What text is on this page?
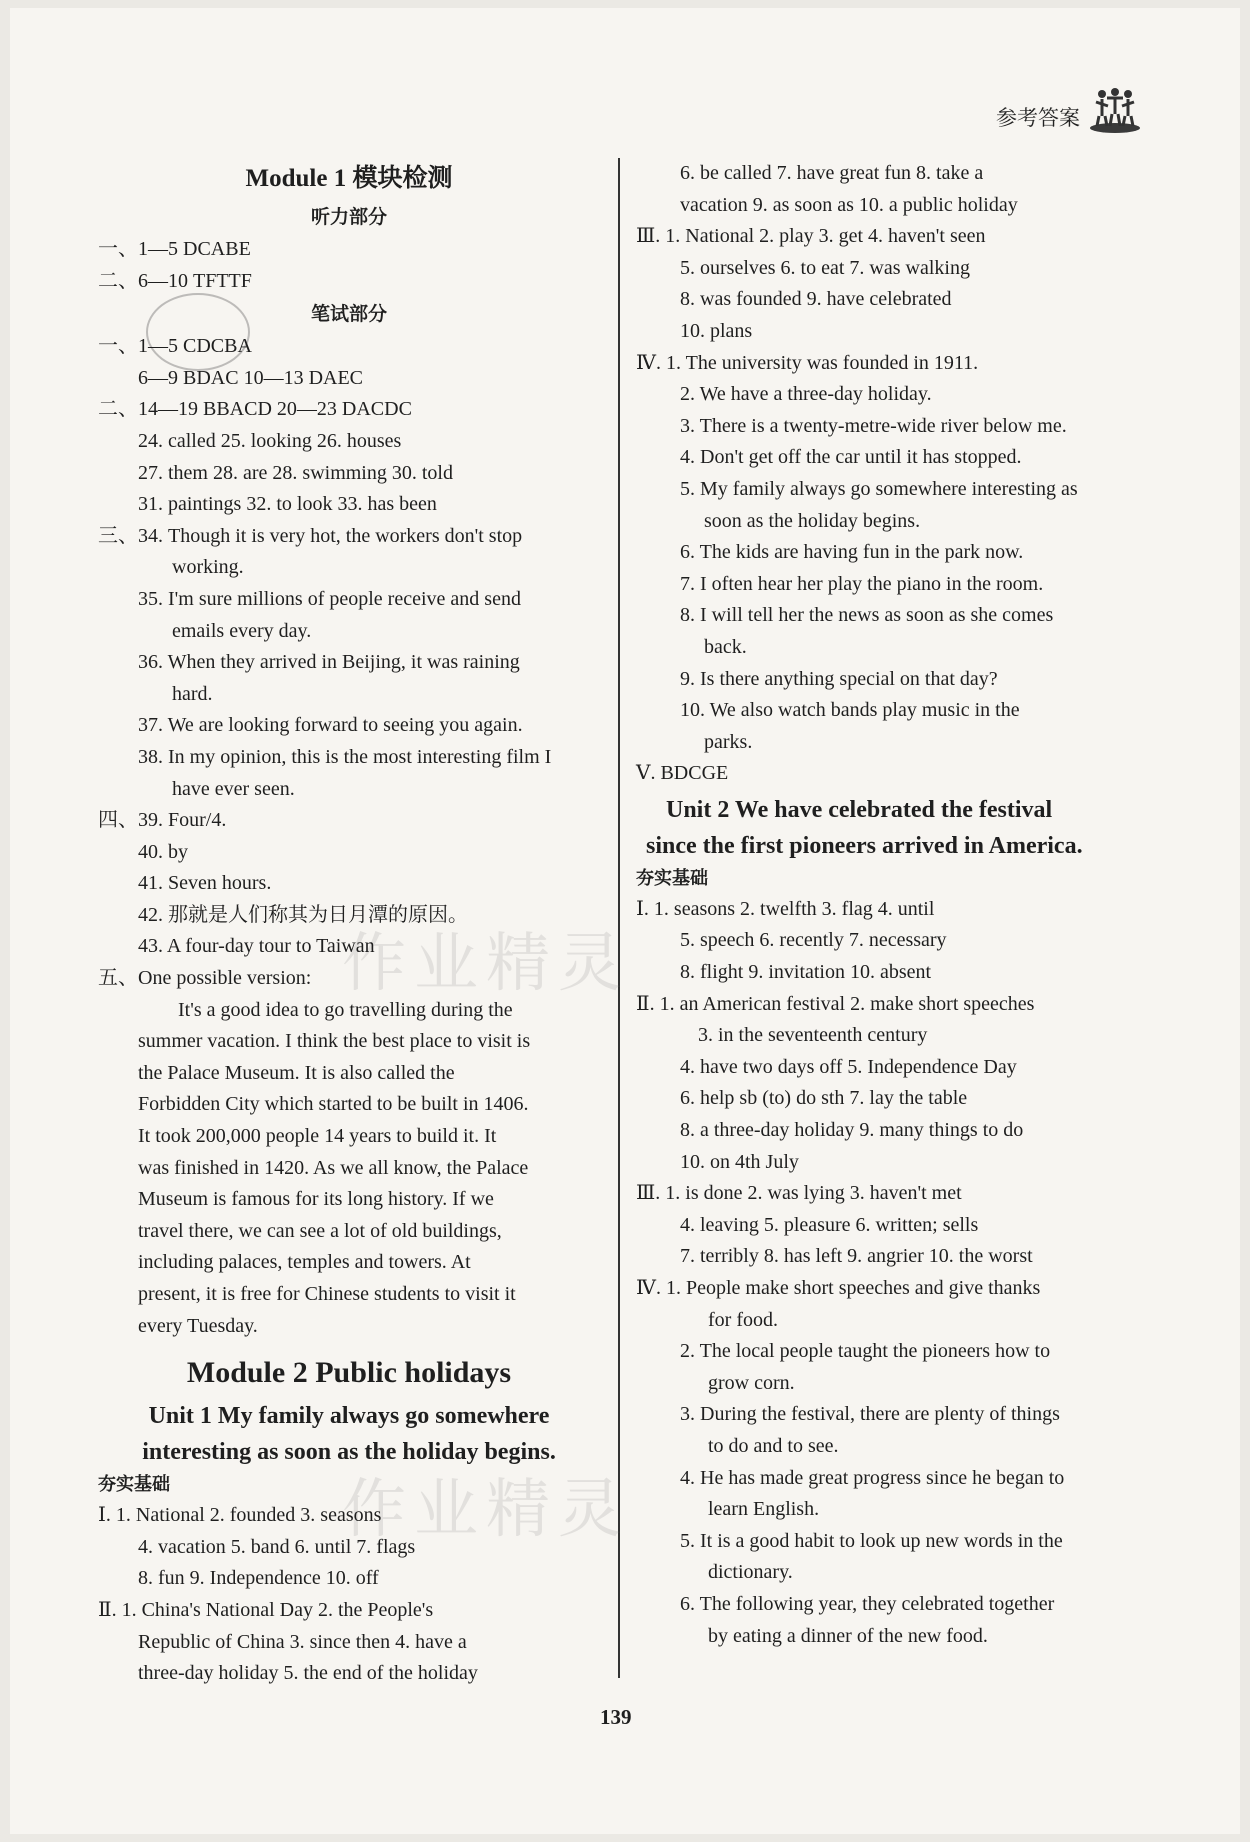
参考答案
作业精灵
作业精灵
Module 1 模块检测
听力部分
一、1—5 DCABE
二、6—10 TFTTF
笔试部分
一、1—5 CDCBA
6—9 BDAC 10—13 DAEC
二、14—19 BBACD 20—23 DACDC
24. called 25. looking 26. houses
27. them 28. are 28. swimming 30. told
31. paintings 32. to look 33. has been
三、34. Though it is very hot, the workers don't stop
working.
35. I'm sure millions of people receive and send
emails every day.
36. When they arrived in Beijing, it was raining
hard.
37. We are looking forward to seeing you again.
38. In my opinion, this is the most interesting film I
have ever seen.
四、39. Four/4.
40. by
41. Seven hours.
42. 那就是人们称其为日月潭的原因。
43. A four-day tour to Taiwan
五、One possible version:
It's a good idea to go travelling during the
summer vacation. I think the best place to visit is
the Palace Museum. It is also called the
Forbidden City which started to be built in 1406.
It took 200,000 people 14 years to build it. It
was finished in 1420. As we all know, the Palace
Museum is famous for its long history. If we
travel there, we can see a lot of old buildings,
including palaces, temples and towers. At
present, it is free for Chinese students to visit it
every Tuesday.
Module 2 Public holidays
Unit 1 My family always go somewhere
interesting as soon as the holiday begins.
夯实基础
Ⅰ. 1. National 2. founded 3. seasons
4. vacation 5. band 6. until 7. flags
8. fun 9. Independence 10. off
Ⅱ. 1. China's National Day 2. the People's
Republic of China 3. since then 4. have a
three-day holiday 5. the end of the holiday
6. be called 7. have great fun 8. take a
vacation 9. as soon as 10. a public holiday
Ⅲ. 1. National 2. play 3. get 4. haven't seen
5. ourselves 6. to eat 7. was walking
8. was founded 9. have celebrated
10. plans
Ⅳ. 1. The university was founded in 1911.
2. We have a three-day holiday.
3. There is a twenty-metre-wide river below me.
4. Don't get off the car until it has stopped.
5. My family always go somewhere interesting as
soon as the holiday begins.
6. The kids are having fun in the park now.
7. I often hear her play the piano in the room.
8. I will tell her the news as soon as she comes
back.
9. Is there anything special on that day?
10. We also watch bands play music in the
parks.
Ⅴ. BDCGE
Unit 2 We have celebrated the festival
since the first pioneers arrived in America.
夯实基础
Ⅰ. 1. seasons 2. twelfth 3. flag 4. until
5. speech 6. recently 7. necessary
8. flight 9. invitation 10. absent
Ⅱ. 1. an American festival 2. make short speeches
3. in the seventeenth century
4. have two days off 5. Independence Day
6. help sb (to) do sth 7. lay the table
8. a three-day holiday 9. many things to do
10. on 4th July
Ⅲ. 1. is done 2. was lying 3. haven't met
4. leaving 5. pleasure 6. written; sells
7. terribly 8. has left 9. angrier 10. the worst
Ⅳ. 1. People make short speeches and give thanks
for food.
2. The local people taught the pioneers how to
grow corn.
3. During the festival, there are plenty of things
to do and to see.
4. He has made great progress since he began to
learn English.
5. It is a good habit to look up new words in the
dictionary.
6. The following year, they celebrated together
by eating a dinner of the new food.
139
